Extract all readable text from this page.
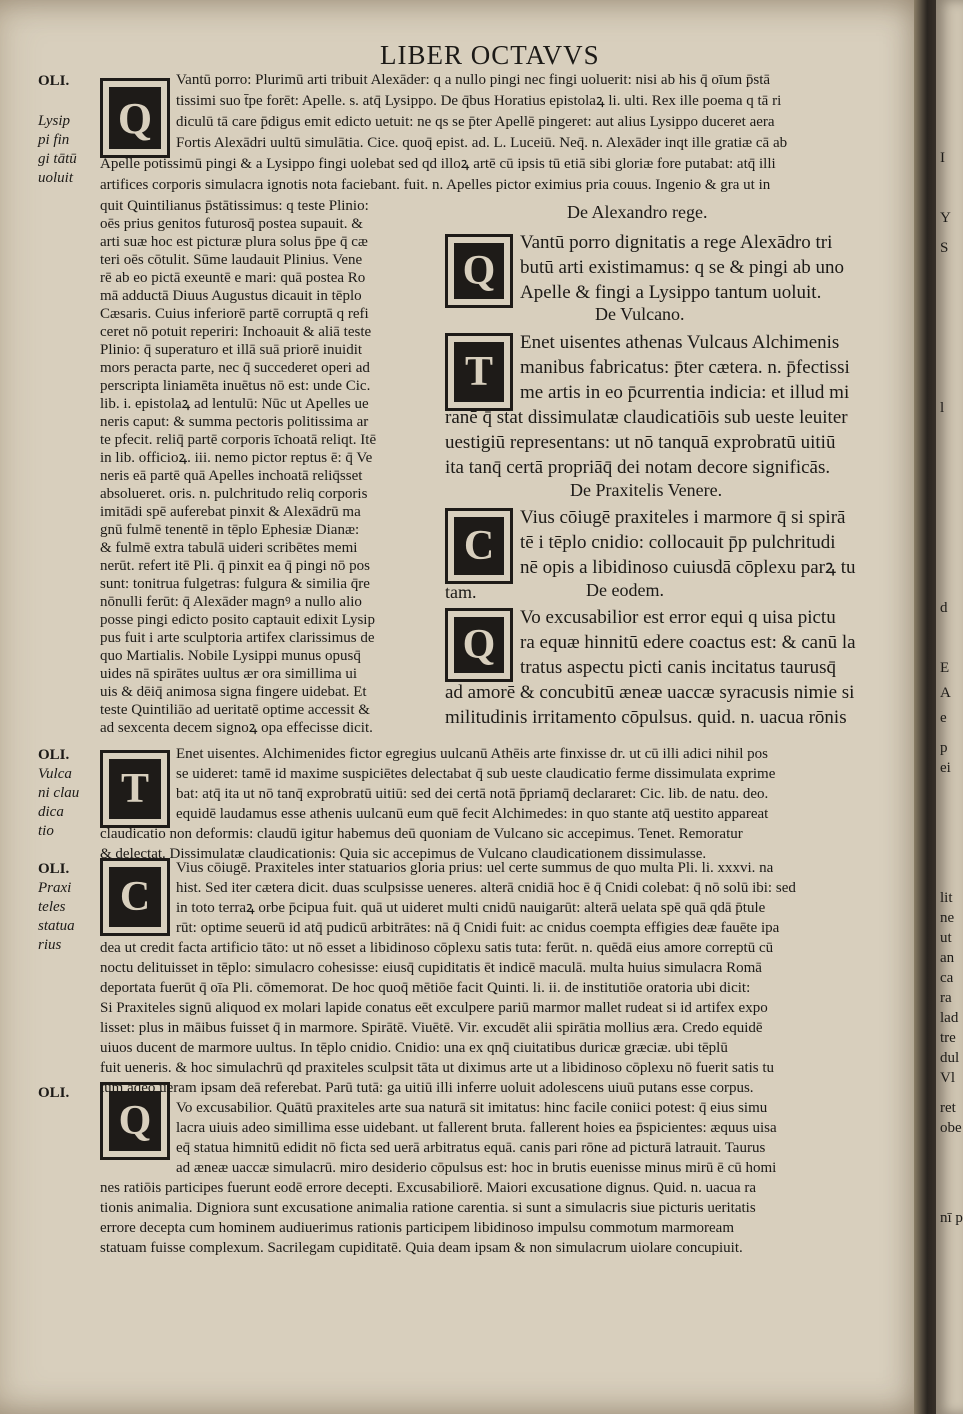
LIBER OCTAVVS
OLI.
Lysip
pi fin
gi tātū
uoluit
OLI.
Vulca
ni clau
dica
tio
OLI.
Praxi
teles
statua
rius
OLI.
Q
Q
T
C
Q
T
C
Q
Vantū porro: Plurimū arti tribuit Alexāder: q a nullo pingi nec fingi uoluerit: nisi ab his q̄ oīum p̄stā
tissimi suo t̄pe forēt: Apelle. s. atq̄ Lysippo. De q̄bus Horatius epistolaꝝ li. ulti. Rex ille poema q tā ri
diculū tā care p̄digus emit edicto uetuit: ne qs se p̄ter Apellē pingeret: aut alius Lysippo duceret aera
Fortis Alexādri uultū simulātia. Cice. quoq̄ epist. ad. L. Luceiū. Neq̄. n. Alexāder inqt ille gratiæ cā ab
Apelle potissimū pingi & a Lysippo fingi uolebat sed qd illoꝝ artē cū ipsis tū etiā sibi gloriæ fore putabat: atq̄ illi
artifices corporis simulacra ignotis nota faciebant. fuit. n. Apelles pictor eximius pria couus. Ingenio & gra ut in
quit Quintilianus p̄stātissimus: q teste Plinio:
oēs prius genitos futurosq̄ postea supauit. &
arti suæ hoc est picturæ plura solus p̄pe q̄ cæ
teri oēs cōtulit. Sūme laudauit Plinius. Vene
rē ab eo pictā exeuntē e mari: quā postea Ro
mā adductā Diuus Augustus dicauit in tēplo
Cæsaris. Cuius inferiorē partē corruptā q refi
ceret nō potuit reperiri: Inchoauit & aliā teste
Plinio: q̄ superaturo et illā suā priorē inuidit
mors peracta parte, nec q̄ succederet operi ad
perscripta liniamēta inuētus nō est: unde Cic.
lib. i. epistolaꝝ ad lentulū: Nūc ut Apelles ue
neris caput: & summa pectoris politissima ar
te pfecit. reliq̄ partē corporis īchoatā reliqt. Itē
in lib. officioꝝ. iii. nemo pictor reptus ē: q̄ Ve
neris eā partē quā Apelles inchoatā reliq̄sset
absolueret. oris. n. pulchritudo reliq corporis
imitādi spē auferebat pinxit & Alexādrū ma
gnū fulmē tenentē in tēplo Ephesiæ Dianæ:
& fulmē extra tabulā uideri scribētes memi
nerūt. refert itē Pli. q̄ pinxit ea q̄ pingi nō pos
sunt: tonitrua fulgetras: fulgura & similia q̄re
nōnulli ferūt: q̄ Alexāder magnꝰ a nullo alio
posse pingi edicto posito captauit edixit Lysip
pus fuit i arte sculptoria artifex clarissimus de
quo Martialis. Nobile Lysippi munus opusq̄
uides nā spirātes uultus ær ora simillima ui
uis & dēiq̄ animosa signa fingere uidebat. Et
teste Quintiliāo ad ueritatē optime accessit &
ad sexcenta decem signoꝝ opa effecisse dicit.
De Alexandro rege.
Vantū porro dignitatis a rege Alexādro tri
butū arti existimamus: q se & pingi ab uno
Apelle & fingi a Lysippo tantum uoluit.
De Vulcano.
Enet uisentes athenas Vulcaus Alchimenis
manibus fabricatus: p̄ter cætera. n. p̄fectissi
me artis in eo p̄currentia indicia: et illud mi
ranē q̄ stat dissimulatæ claudicatiōis sub ueste leuiter
uestigiū representans: ut nō tanquā exprobratū uitiū
ita tanq̄ certā propriāq̄ dei notam decore significās.
De Praxitelis Venere.
Vius cōiugē praxiteles i marmore q̄ si spirā
tē i tēplo cnidio: collocauit p̄p pulchritudi
nē opis a libidinoso cuiusdā cōplexu parꝝ tu
tam.	De eodem.
Vo excusabilior est error equi q uisa pictu
ra equæ hinnitū edere coactus est: & canū la
tratus aspectu picti canis incitatus taurusq̄
ad amorē & concubitū æneæ uaccæ syracusis nimie si
militudinis irritamento cōpulsus. quid. n. uacua rōnis
Enet uisentes. Alchimenides fictor egregius uulcanū Athēis arte finxisse dr. ut cū illi adici nihil pos
se uideret: tamē id maxime suspiciētes delectabat q̄ sub ueste claudicatio ferme dissimulata exprime
bat: atq̄ ita ut nō tanq̄ exprobratū uitiū: sed dei certā notā p̄priamq̄ declararet: Cic. lib. de natu. deo.
equidē laudamus esse athenis uulcanū eum quē fecit Alchimedes: in quo stante atq̄ uestito appareat
claudicatio non deformis: claudū igitur habemus deū quoniam de Vulcano sic accepimus. Tenet. Remoratur
& delectat. Dissimulatæ claudicationis: Quia sic accepimus de Vulcano claudicationem dissimulasse.
Vius cōiugē. Praxiteles inter statuarios gloria prius: uel certe summus de quo multa Pli. li. xxxvi. na
hist. Sed iter cætera dicit. duas sculpsisse ueneres. alterā cnidiā hoc ē q̄ Cnidi colebat: q̄ nō solū ibi: sed
in toto terraꝝ orbe p̄cipua fuit. quā ut uideret multi cnidū nauigarūt: alterā uelata spē quā qdā p̄tule
rūt: optime seuerū id atq̄ pudicū arbitrātes: nā q̄ Cnidi fuit: ac cnidus coempta effigies deæ fauēte ipa
dea ut credit facta artificio tāto: ut nō esset a libidinoso cōplexu satis tuta: ferūt. n. quēdā eius amore correptū cū
noctu delituisset in tēplo: simulacro cohesisse: eiusq̄ cupiditatis ēt indicē maculā. multa huius simulacra Romā
deportata fuerūt q̄ oīa Pli. cōmemorat. De hoc quoq̄ mētiōe facit Quinti. li. ii. de institutiōe oratoria ubi dicit:
Si Praxiteles signū aliquod ex molari lapide conatus eēt exculpere pariū marmor mallet rudeat si id artifex expo
lisset: plus in māibus fuisset q̄ in marmore. Spirātē. Viuētē. Vir. excudēt alii spirātia mollius æra. Credo equidē
uiuos ducent de marmore uultus. In tēplo cnidio. Cnidio: una ex qnq̄ ciuitatibus duricæ græciæ. ubi tēplū
fuit ueneris. & hoc simulachrū qd praxiteles sculpsit tāta ut diximus arte ut a libidinoso cōplexu nō fuerit satis tu
tum adeo ueram ipsam deā referebat. Parū tutā: ga uitiū illi inferre uoluit adolescens uiuū putans esse corpus.
Vo excusabilior. Quātū praxiteles arte sua naturā sit imitatus: hinc facile coniici potest: q̄ eius simu
lacra uiuis adeo simillima esse uidebant. ut fallerent bruta. fallerent hoies ea p̄spicientes: æquus uisa
eq̄ statua himnitū edidit nō ficta sed uerā arbitratus equā. canis pari rōne ad picturā latrauit. Taurus
ad æneæ uaccæ simulacrū. miro desiderio cōpulsus est: hoc in brutis euenisse minus mirū ē cū homi
nes ratiōis participes fuerunt eodē errore decepti. Excusabiliorē. Maiori excusatione dignus. Quid. n. uacua ra
tionis animalia. Digniora sunt excusatione animalia ratione carentia. si sunt a simulacris siue picturis ueritatis
errore decepta cum hominem audiuerimus rationis participem libidinoso impulsu commotum marmoream
statuam fuisse complexum. Sacrilegam cupiditatē. Quia deam ipsam & non simulacrum uiolare concupiuit.
I
Y
S
l
d
E
A
e
p
ei
lit
ne
ut
an
ca
ra
lad
tre
dul
Vl
ret
obe
nī p
